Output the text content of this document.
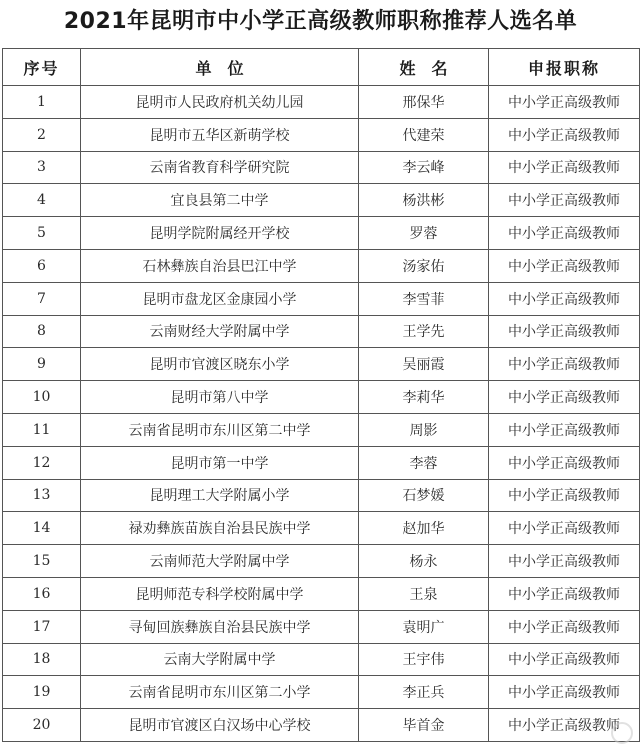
2021年昆明市中小学正高级教师职称推荐人选名单
序号	单　位	姓　名	申报职称
1	昆明市人民政府机关幼儿园	邢保华	中小学正高级教师
2	昆明市五华区新萌学校	代建荣	中小学正高级教师
3	云南省教育科学研究院	李云峰	中小学正高级教师
4	宜良县第二中学	杨洪彬	中小学正高级教师
5	昆明学院附属经开学校	罗蓉	中小学正高级教师
6	石林彝族自治县巴江中学	汤家佑	中小学正高级教师
7	昆明市盘龙区金康园小学	李雪菲	中小学正高级教师
8	云南财经大学附属中学	王学先	中小学正高级教师
9	昆明市官渡区晓东小学	吴丽霞	中小学正高级教师
10	昆明市第八中学	李莉华	中小学正高级教师
11	云南省昆明市东川区第二中学	周影	中小学正高级教师
12	昆明市第一中学	李蓉	中小学正高级教师
13	昆明理工大学附属小学	石梦媛	中小学正高级教师
14	禄劝彝族苗族自治县民族中学	赵加华	中小学正高级教师
15	云南师范大学附属中学	杨永	中小学正高级教师
16	昆明师范专科学校附属中学	王泉	中小学正高级教师
17	寻甸回族彝族自治县民族中学	袁明广	中小学正高级教师
18	云南大学附属中学	王宇伟	中小学正高级教师
19	云南省昆明市东川区第二小学	李正兵	中小学正高级教师
20	昆明市官渡区白汉场中心学校	毕首金	中小学正高级教师
